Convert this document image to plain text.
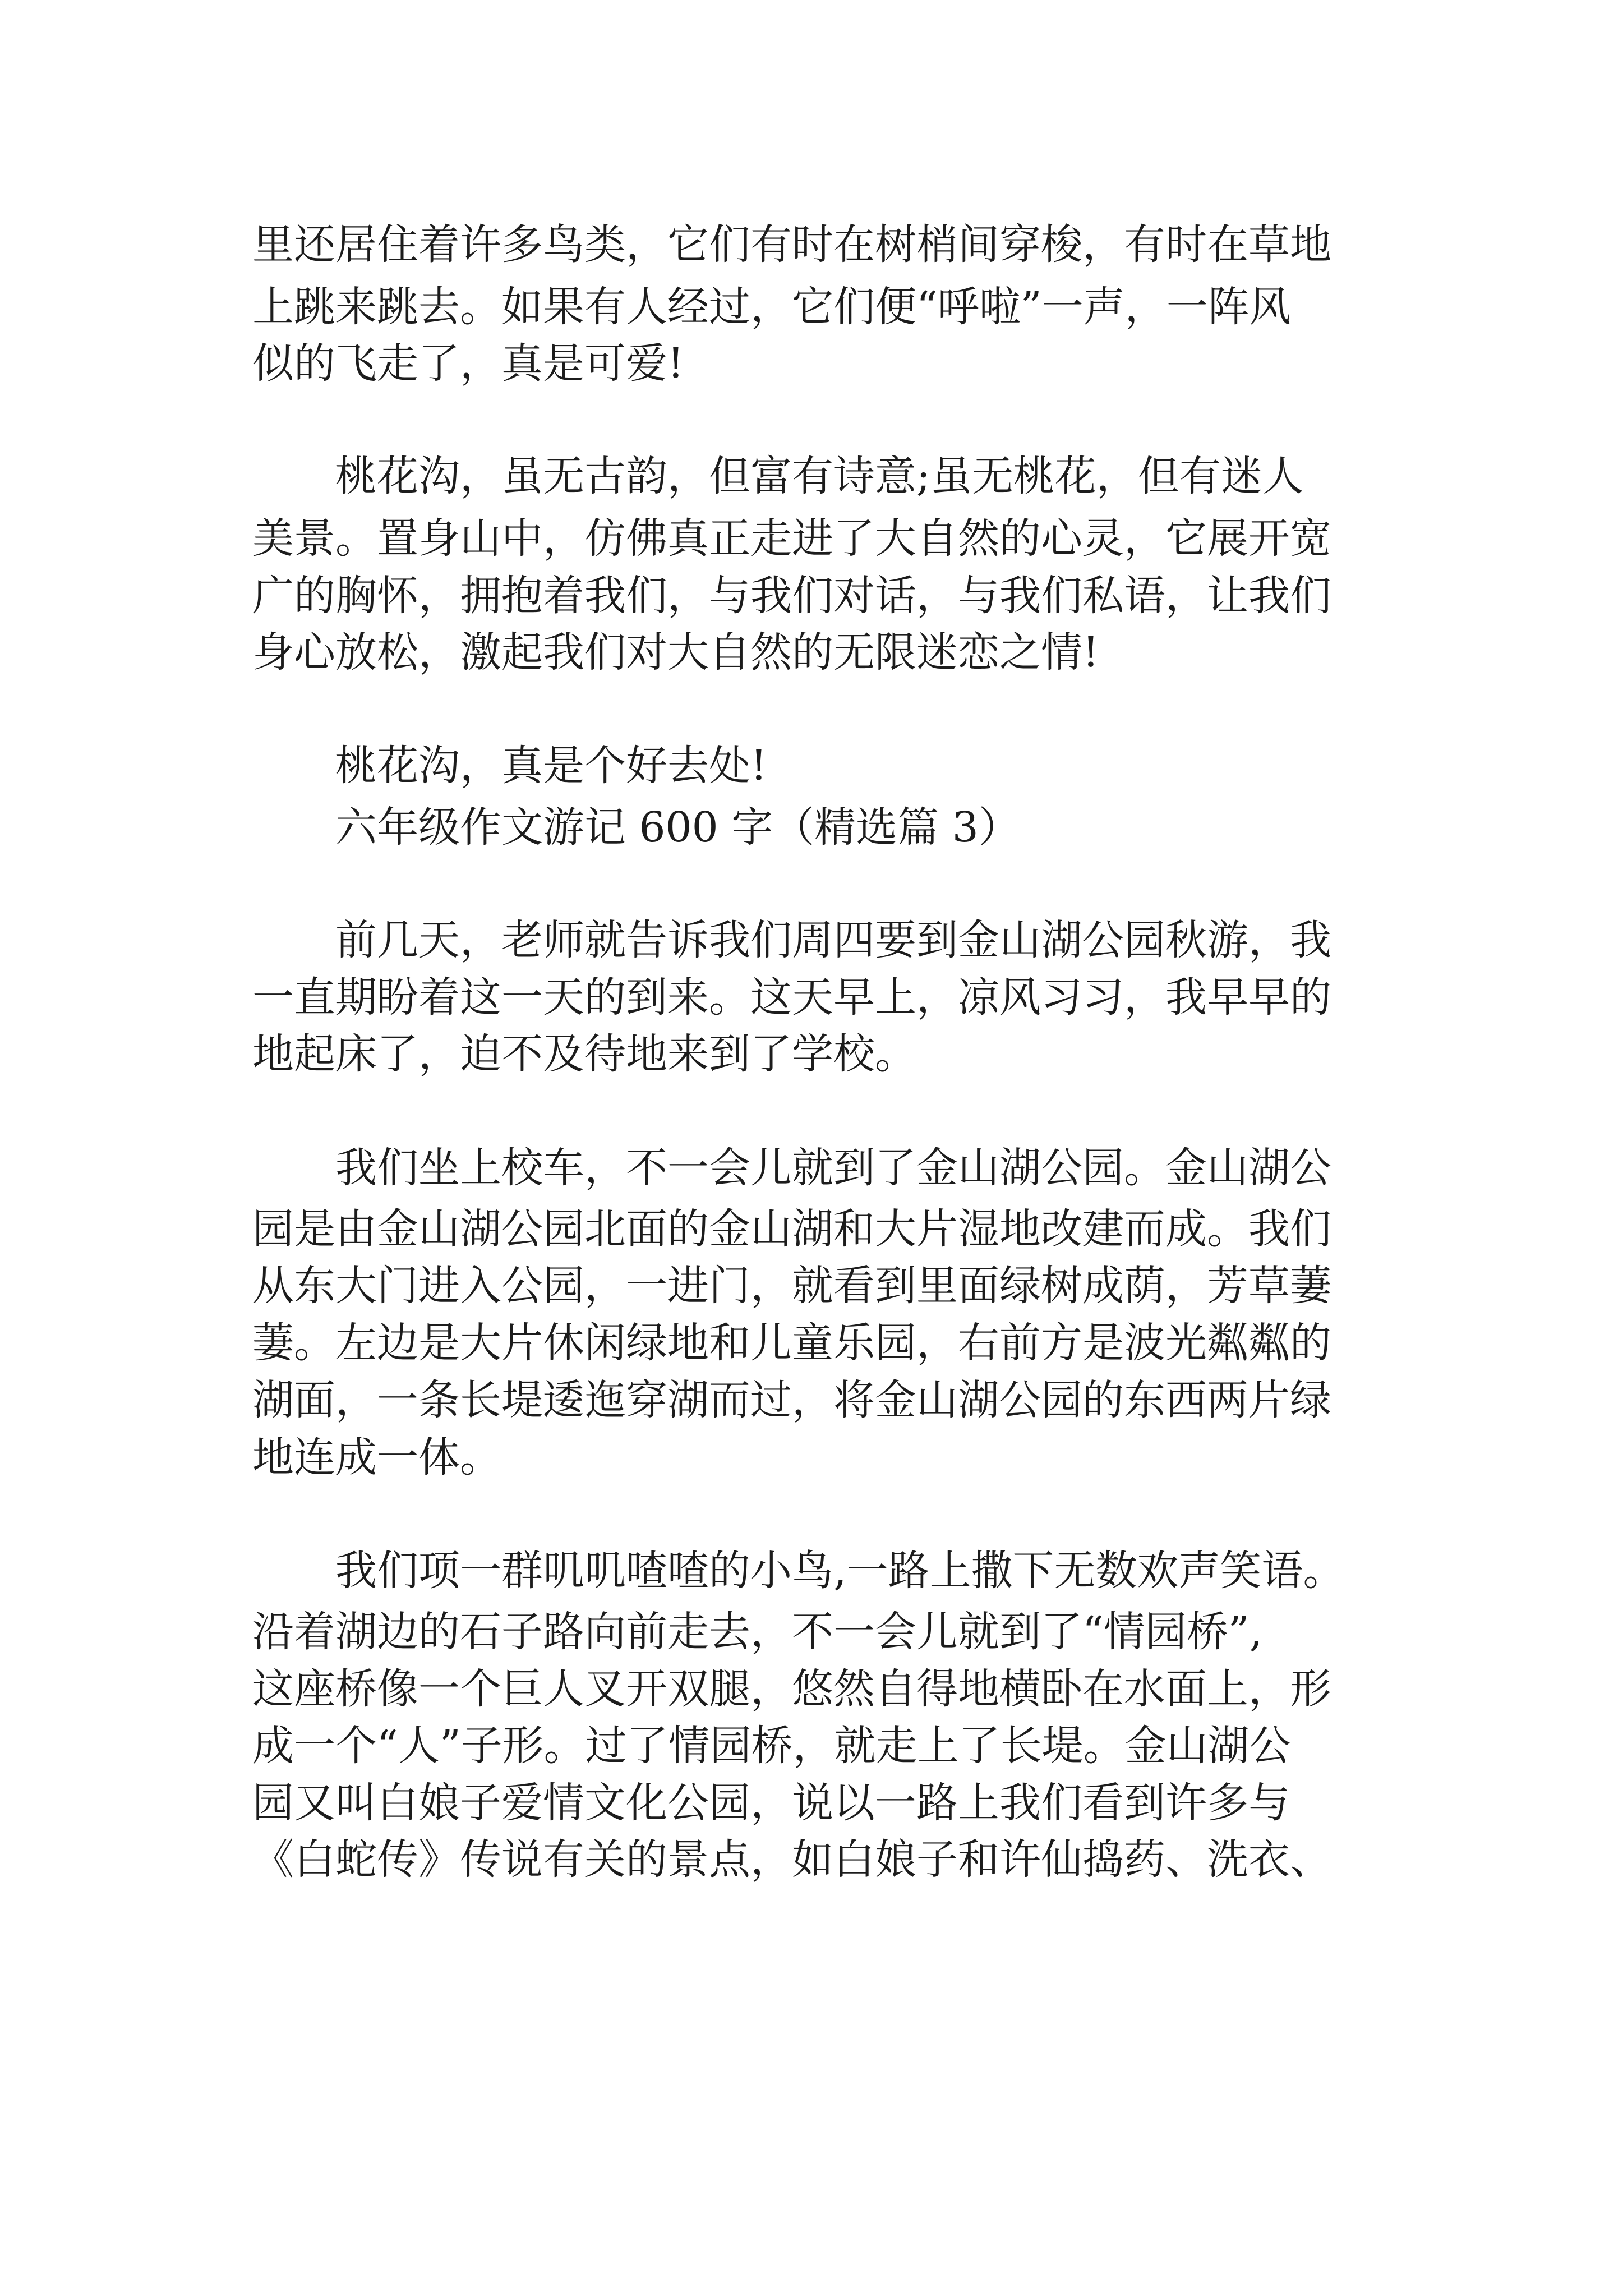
里还居住着许多鸟类，它们有时在树梢间穿梭，有时在草地

上跳来跳去。如果有人经过，它们便“呼啦”一声，一阵风

似的飞走了，真是可爱!

桃花沟，虽无古韵，但富有诗意;虽无桃花，但有迷人

美景。置身山中，仿佛真正走进了大自然的心灵，它展开宽

广的胸怀，拥抱着我们，与我们对话，与我们私语，让我们

身心放松，激起我们对大自然的无限迷恋之情!

桃花沟，真是个好去处!

六年级作文游记 600 字（精选篇 3）

前几天，老师就告诉我们周四要到金山湖公园秋游，我

一直期盼着这一天的到来。这天早上，凉风习习，我早早的

地起床了，迫不及待地来到了学校。

我们坐上校车，不一会儿就到了金山湖公园。金山湖公

园是由金山湖公园北面的金山湖和大片湿地改建而成。我们

从东大门进入公园，一进门，就看到里面绿树成荫，芳草萋

萋。左边是大片休闲绿地和儿童乐园，右前方是波光粼粼的

湖面，一条长堤逶迤穿湖而过，将金山湖公园的东西两片绿

地连成一体。

我们项一群叽叽喳喳的小鸟,一路上撒下无数欢声笑语。

沿着湖边的石子路向前走去，不一会儿就到了“情园桥”,

这座桥像一个巨人叉开双腿，悠然自得地横卧在水面上，形

成一个“人”子形。过了情园桥，就走上了长堤。金山湖公

园又叫白娘子爱情文化公园，说以一路上我们看到许多与

《白蛇传》传说有关的景点，如白娘子和许仙捣药、洗衣、
